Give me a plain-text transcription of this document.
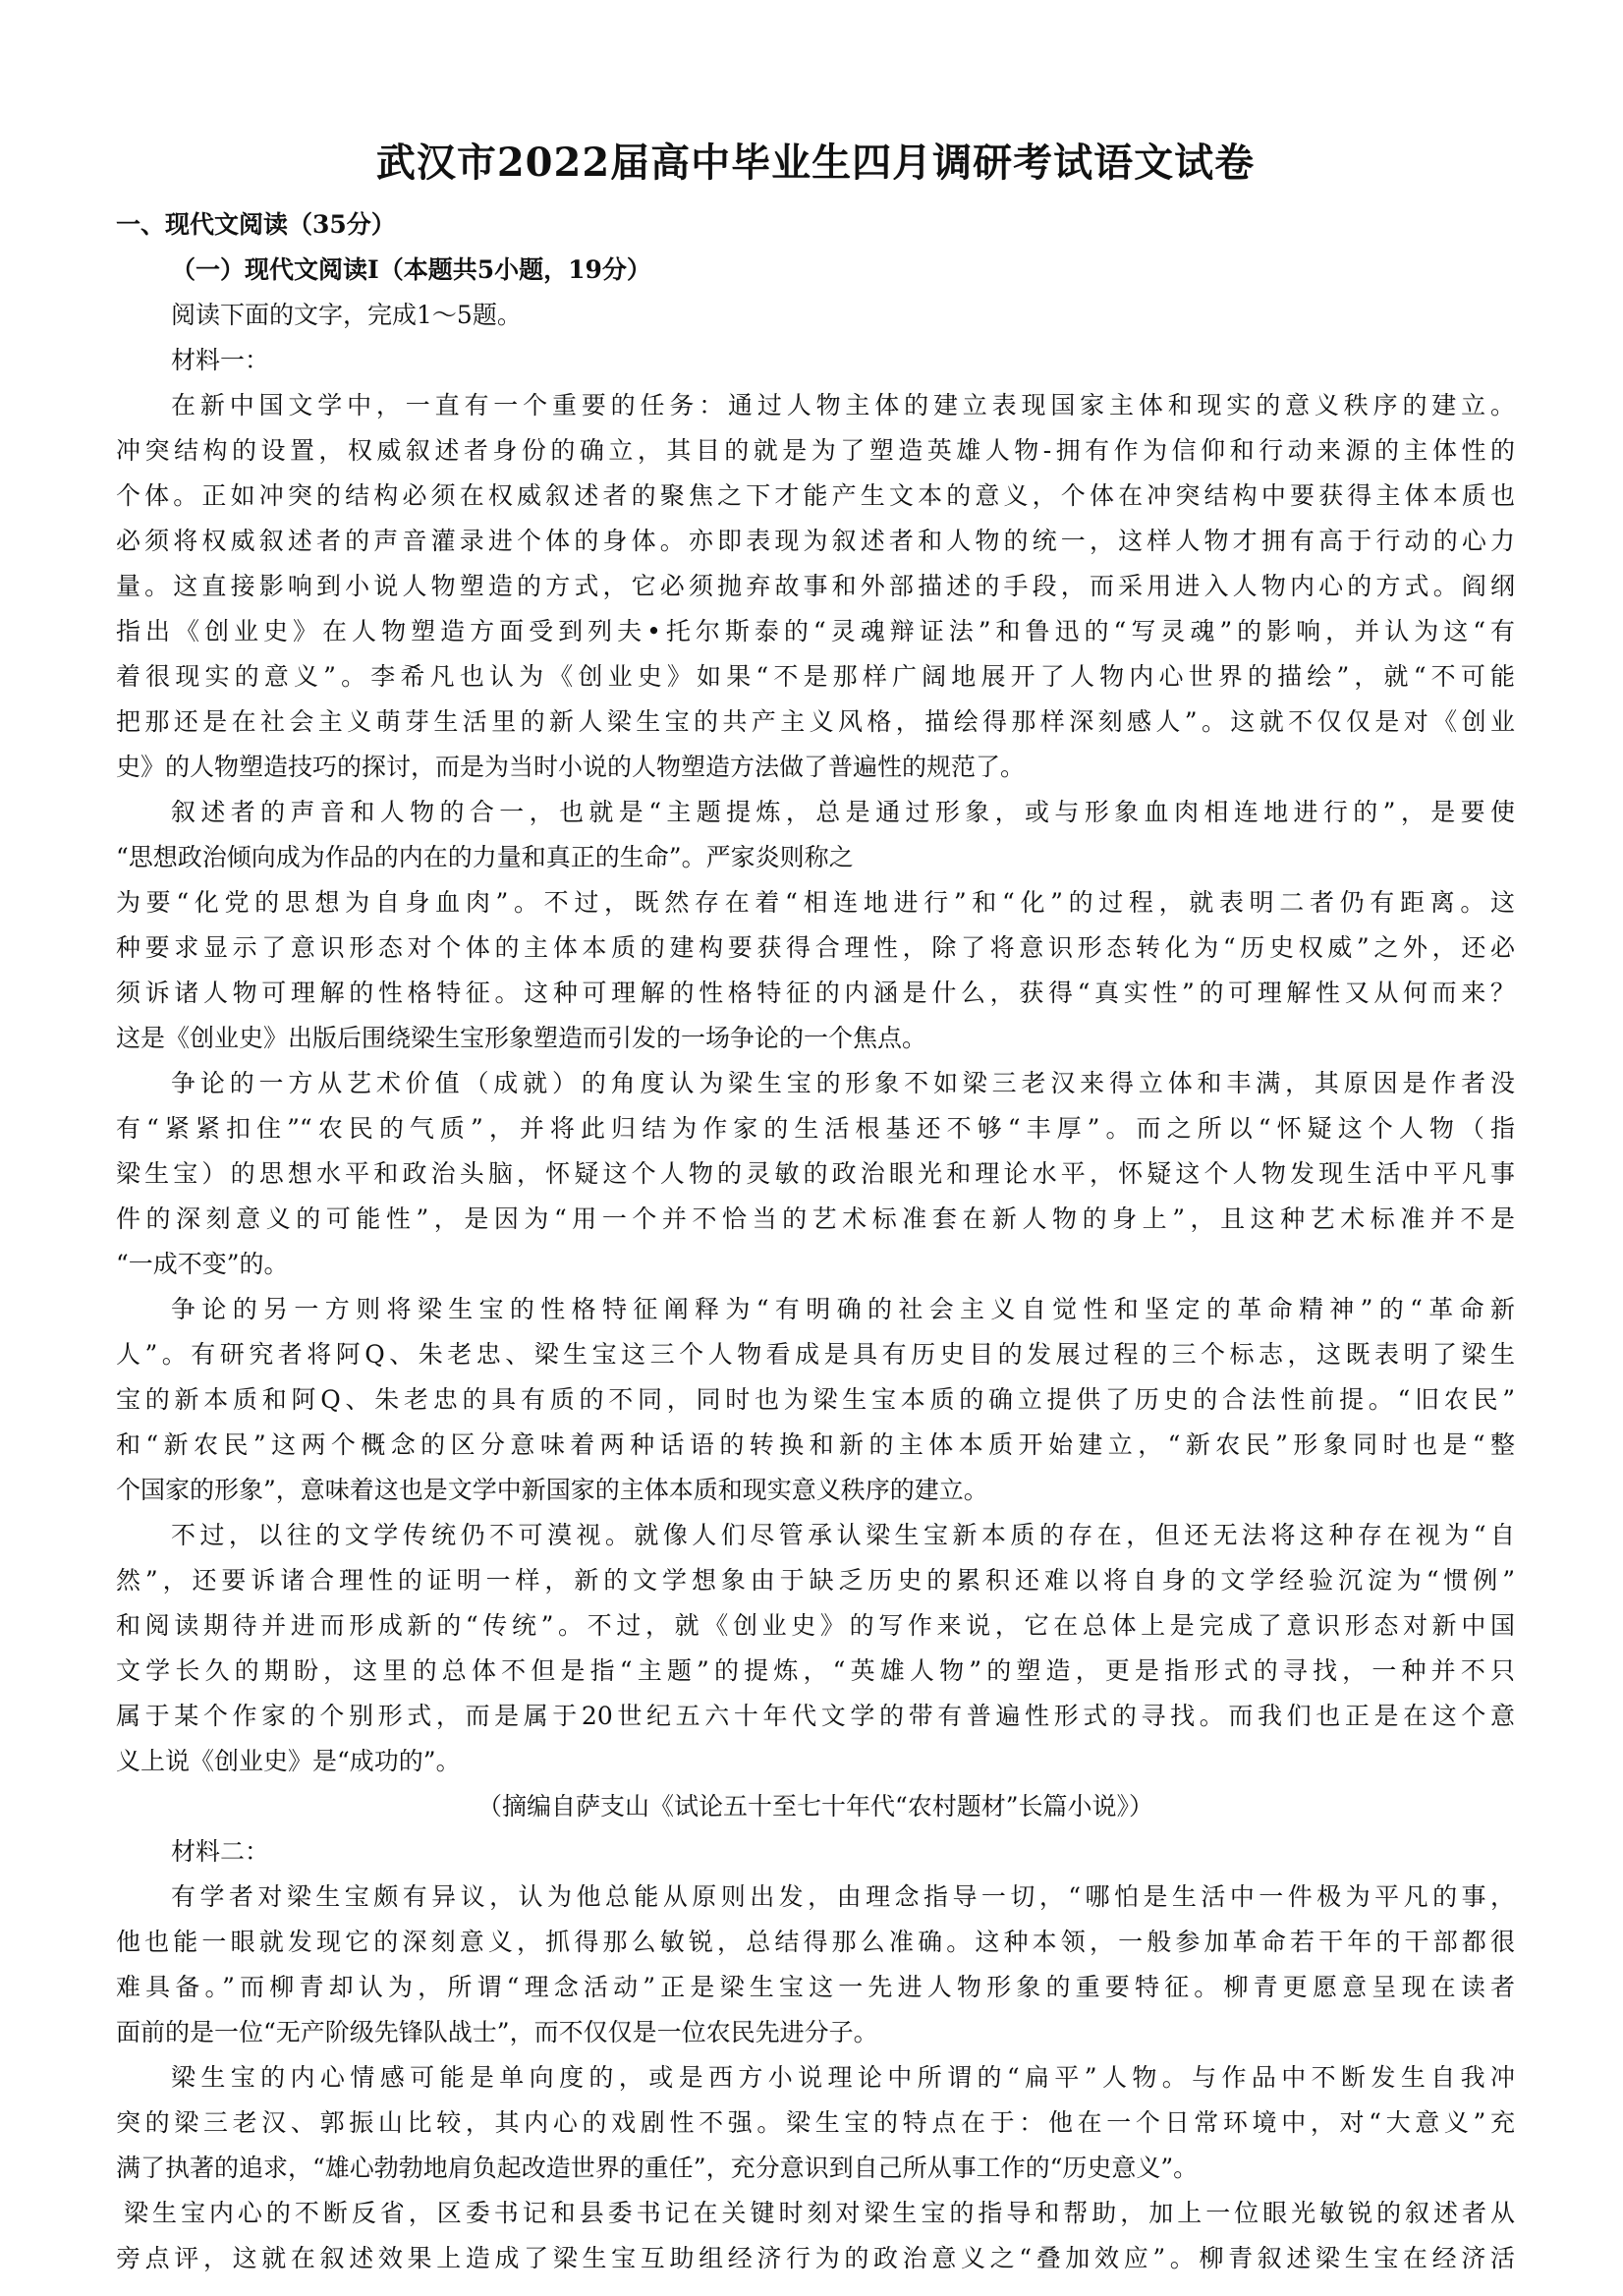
武汉市2022届高中毕业生四月调研考试语文试卷

一、现代文阅读（35分）

（一）现代文阅读I（本题共5小题，19分）

阅读下面的文字，完成1～5题。

材料一：

在新中国文学中，一直有一个重要的任务：通过人物主体的建立表现国家主体和现实的意义秩序的建立。

冲突结构的设置，权威叙述者身份的确立，其目的就是为了塑造英雄人物-拥有作为信仰和行动来源的主体性的

个体。正如冲突的结构必须在权威叙述者的聚焦之下才能产生文本的意义，个体在冲突结构中要获得主体本质也

必须将权威叙述者的声音灌录进个体的身体。亦即表现为叙述者和人物的统一，这样人物才拥有高于行动的心力

量。这直接影响到小说人物塑造的方式，它必须抛弃故事和外部描述的手段，而采用进入人物内心的方式。阎纲

指出《创业史》在人物塑造方面受到列夫•托尔斯泰的“灵魂辩证法”和鲁迅的“写灵魂”的影响，并认为这“有

着很现实的意义”。李希凡也认为《创业史》如果“不是那样广阔地展开了人物内心世界的描绘”，就“不可能

把那还是在社会主义萌芽生活里的新人梁生宝的共产主义风格，描绘得那样深刻感人”。这就不仅仅是对《创业

史》的人物塑造技巧的探讨，而是为当时小说的人物塑造方法做了普遍性的规范了。

叙述者的声音和人物的合一，也就是“主题提炼，总是通过形象，或与形象血肉相连地进行的”，是要使

“思想政治倾向成为作品的内在的力量和真正的生命”。严家炎则称之

为要“化党的思想为自身血肉”。不过，既然存在着“相连地进行”和“化”的过程，就表明二者仍有距离。这

种要求显示了意识形态对个体的主体本质的建构要获得合理性，除了将意识形态转化为“历史权威”之外，还必

须诉诸人物可理解的性格特征。这种可理解的性格特征的内涵是什么，获得“真实性”的可理解性又从何而来？

这是《创业史》出版后围绕梁生宝形象塑造而引发的一场争论的一个焦点。

争论的一方从艺术价值（成就）的角度认为梁生宝的形象不如梁三老汉来得立体和丰满，其原因是作者没

有“紧紧扣住”“农民的气质”，并将此归结为作家的生活根基还不够“丰厚”。而之所以“怀疑这个人物（指

梁生宝）的思想水平和政治头脑，怀疑这个人物的灵敏的政治眼光和理论水平，怀疑这个人物发现生活中平凡事

件的深刻意义的可能性”，是因为“用一个并不恰当的艺术标准套在新人物的身上”，且这种艺术标准并不是

“一成不变”的。

争论的另一方则将梁生宝的性格特征阐释为“有明确的社会主义自觉性和坚定的革命精神”的“革命新

人”。有研究者将阿Q、朱老忠、梁生宝这三个人物看成是具有历史目的发展过程的三个标志，这既表明了梁生

宝的新本质和阿Q、朱老忠的具有质的不同，同时也为梁生宝本质的确立提供了历史的合法性前提。“旧农民”

和“新农民”这两个概念的区分意味着两种话语的转换和新的主体本质开始建立，“新农民”形象同时也是“整

个国家的形象”，意味着这也是文学中新国家的主体本质和现实意义秩序的建立。

不过，以往的文学传统仍不可漠视。就像人们尽管承认梁生宝新本质的存在，但还无法将这种存在视为“自

然”，还要诉诸合理性的证明一样，新的文学想象由于缺乏历史的累积还难以将自身的文学经验沉淀为“惯例”

和阅读期待并进而形成新的“传统”。不过，就《创业史》的写作来说，它在总体上是完成了意识形态对新中国

文学长久的期盼，这里的总体不但是指“主题”的提炼，“英雄人物”的塑造，更是指形式的寻找，一种并不只

属于某个作家的个别形式，而是属于20世纪五六十年代文学的带有普遍性形式的寻找。而我们也正是在这个意

义上说《创业史》是“成功的”。

（摘编自萨支山《试论五十至七十年代“农村题材”长篇小说》）

材料二：

有学者对梁生宝颇有异议，认为他总能从原则出发，由理念指导一切，“哪怕是生活中一件极为平凡的事，

他也能一眼就发现它的深刻意义，抓得那么敏锐，总结得那么准确。这种本领，一般参加革命若干年的干部都很

难具备。”而柳青却认为，所谓“理念活动”正是梁生宝这一先进人物形象的重要特征。柳青更愿意呈现在读者

面前的是一位“无产阶级先锋队战士”，而不仅仅是一位农民先进分子。

梁生宝的内心情感可能是单向度的，或是西方小说理论中所谓的“扁平”人物。与作品中不断发生自我冲

突的梁三老汉、郭振山比较，其内心的戏剧性不强。梁生宝的特点在于：他在一个日常环境中，对“大意义”充

满了执著的追求，“雄心勃勃地肩负起改造世界的重任”，充分意识到自己所从事工作的“历史意义”。

梁生宝内心的不断反省，区委书记和县委书记在关键时刻对梁生宝的指导和帮助，加上一位眼光敏锐的叙述者从

旁点评，这就在叙述效果上造成了梁生宝互助组经济行为的政治意义之“叠加效应”。柳青叙述梁生宝在经济活
